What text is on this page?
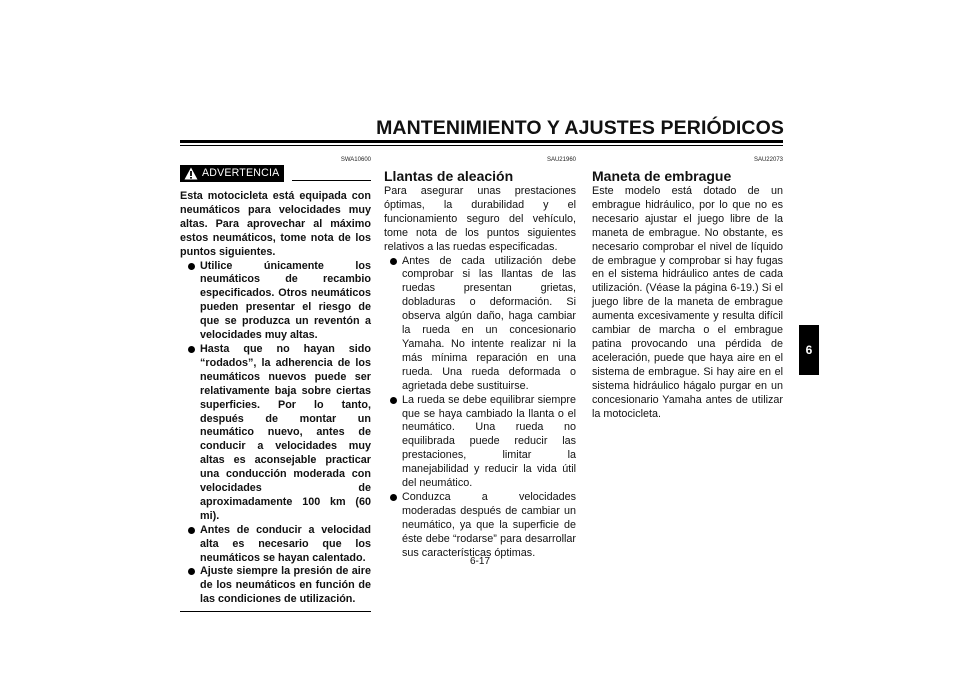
MANTENIMIENTO Y AJUSTES PERIÓDICOS
SWA10600
ADVERTENCIA
Esta motocicleta está equipada con neumáticos para velocidades muy altas. Para aprovechar al máximo estos neumáticos, tome nota de los puntos siguientes.
Utilice únicamente los neumáticos de recambio especificados. Otros neumáticos pueden presentar el riesgo de que se produzca un reventón a velocidades muy altas.
Hasta que no hayan sido “rodados”, la adherencia de los neumáticos nuevos puede ser relativamente baja sobre ciertas superficies. Por lo tanto, después de montar un neumático nuevo, antes de conducir a velocidades muy altas es aconsejable practicar una conducción moderada con velocidades de aproximadamente 100 km (60 mi).
Antes de conducir a velocidad alta es necesario que los neumáticos se hayan calentado.
Ajuste siempre la presión de aire de los neumáticos en función de las condiciones de utilización.
SAU21960
Llantas de aleación
Para asegurar unas prestaciones óptimas, la durabilidad y el funcionamiento seguro del vehículo, tome nota de los puntos siguientes relativos a las ruedas especificadas.
Antes de cada utilización debe comprobar si las llantas de las ruedas presentan grietas, dobladuras o deformación. Si observa algún daño, haga cambiar la rueda en un concesionario Yamaha. No intente realizar ni la más mínima reparación en una rueda. Una rueda deformada o agrietada debe sustituirse.
La rueda se debe equilibrar siempre que se haya cambiado la llanta o el neumático. Una rueda no equilibrada puede reducir las prestaciones, limitar la manejabilidad y reducir la vida útil del neumático.
Conduzca a velocidades moderadas después de cambiar un neumático, ya que la superficie de éste debe “rodarse” para desarrollar sus características óptimas.
SAU22073
Maneta de embrague
Este modelo está dotado de un embrague hidráulico, por lo que no es necesario ajustar el juego libre de la maneta de embrague. No obstante, es necesario comprobar el nivel de líquido de embrague y comprobar si hay fugas en el sistema hidráulico antes de cada utilización. (Véase la página 6-19.) Si el juego libre de la maneta de embrague aumenta excesivamente y resulta difícil cambiar de marcha o el embrague patina provocando una pérdida de aceleración, puede que haya aire en el sistema de embrague. Si hay aire en el sistema hidráulico hágalo purgar en un concesionario Yamaha antes de utilizar la motocicleta.
6
6-17
